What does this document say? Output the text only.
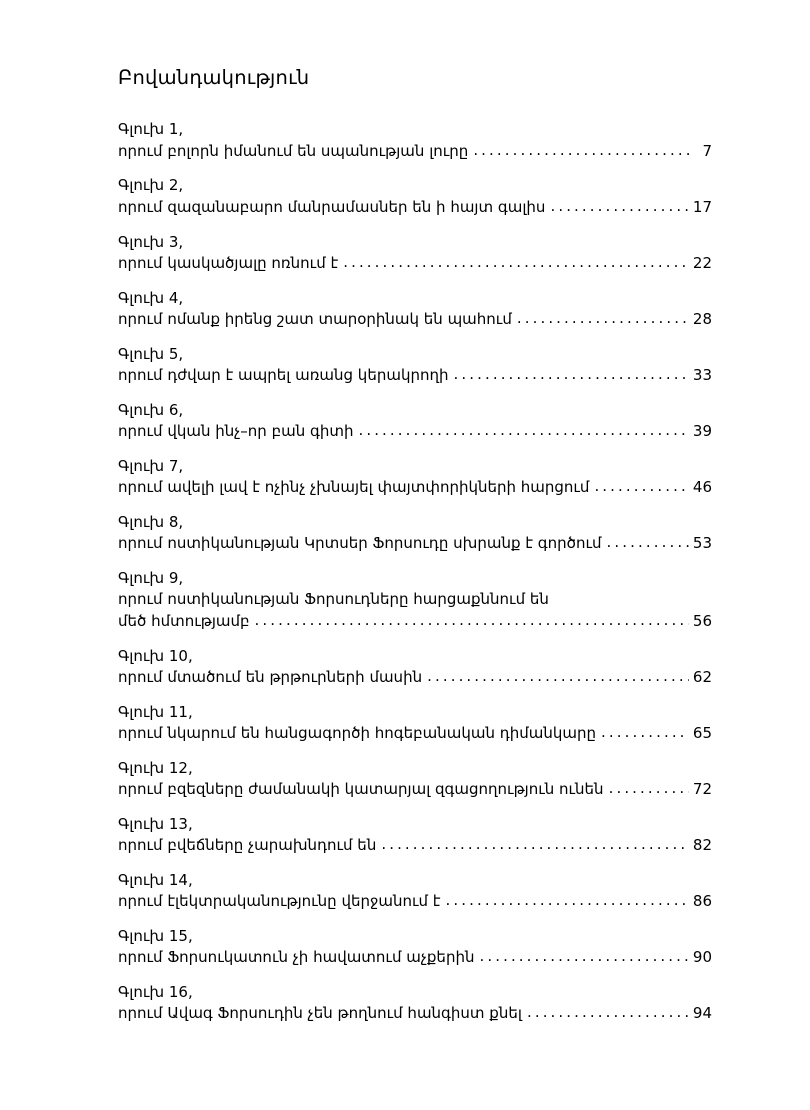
Բովանդակություն
Գլուխ 1,
որում բոլորն իմանում են սպանության լուրը .....	7
Գլուխ 2,
որում զազանաբարո մանրամասներ են ի հայտ գալիս .....	17
Գլուխ 3,
որում կասկածյալը ոռնում է .....	22
Գլուխ 4,
որում ոմանք իրենց շատ տարօրինակ են պահում .....	28
Գլուխ 5,
որում դժվար է ապրել առանց կերակրողի .....	33
Գլուխ 6,
որում վկան ինչ–որ բան գիտի .....	39
Գլուխ 7,
որում ավելի լավ է ոչինչ չխնայել փայտփորիկների հարցում .....	46
Գլուխ 8,
որում ոստիկանության Կրտսեր Ֆորսուդը սխրանք է գործում .....	53
Գլուխ 9,
որում ոստիկանության Ֆորսուդները հարցաքննում են
մեծ հմտությամբ .....	56
Գլուխ 10,
որում մտածում են թրթուրների մասին .....	62
Գլուխ 11,
որում նկարում են հանցագործի հոգեբանական դիմանկարը .....	65
Գլուխ 12,
որում բզեզները ժամանակի կատարյալ զգացողություն ունեն .....	72
Գլուխ 13,
որում բվեճները չարախնդում են .....	82
Գլուխ 14,
որում էլեկտրականությունը վերջանում է .....	86
Գլուխ 15,
որում Ֆորսուկատուն չի հավատում աչքերին .....	90
Գլուխ 16,
որում Ավագ Ֆորսուդին չեն թողնում հանգիստ քնել .....	94
